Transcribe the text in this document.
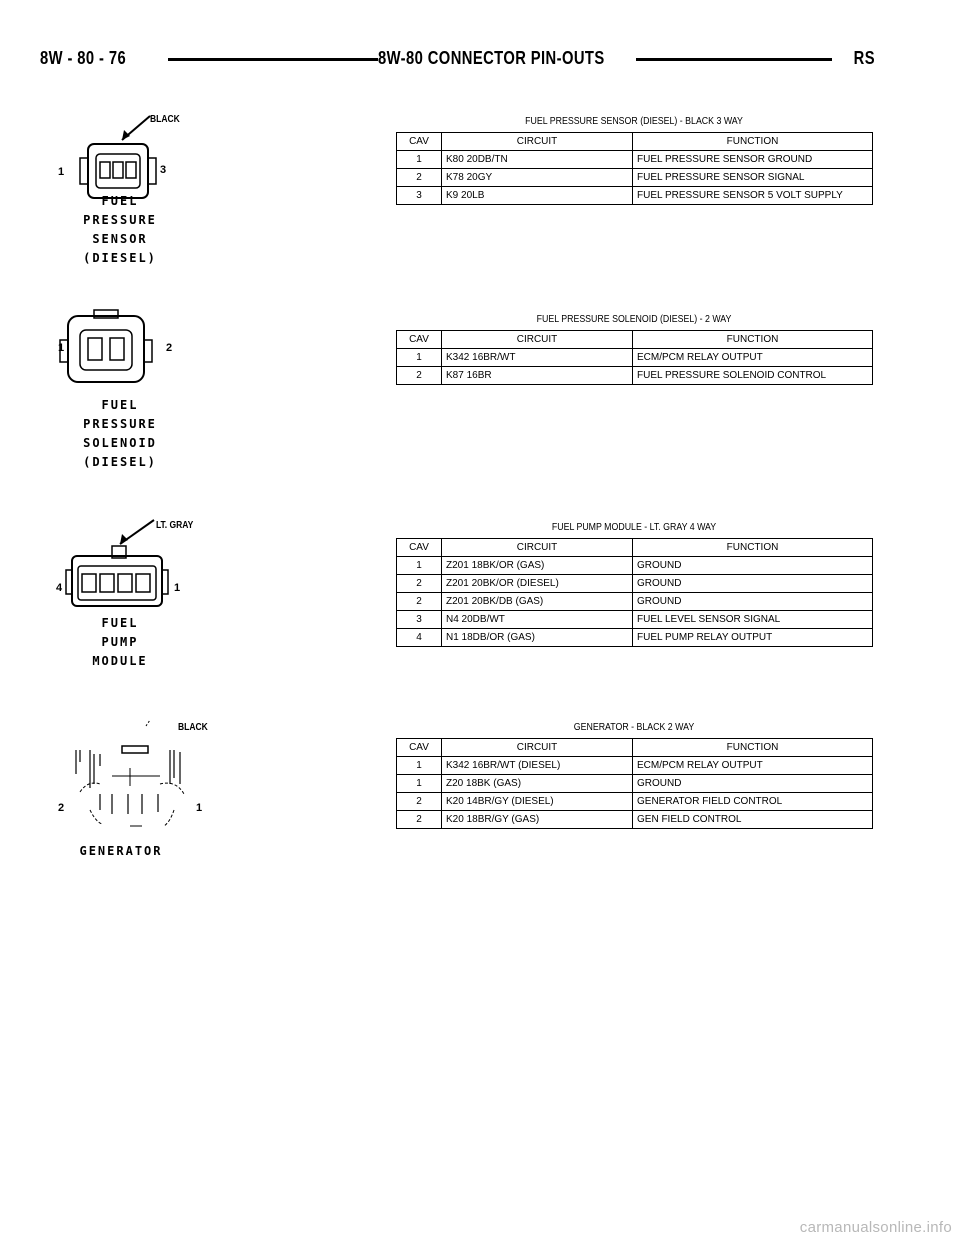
8W - 80 - 76	8W-80 CONNECTOR PIN-OUTS	RS
BLACK
1	3
FUEL
PRESSURE
SENSOR
(DIESEL)
FUEL PRESSURE SENSOR (DIESEL) - BLACK 3 WAY
CAV	CIRCUIT	FUNCTION
1	K80 20DB/TN	FUEL PRESSURE SENSOR GROUND
2	K78 20GY	FUEL PRESSURE SENSOR SIGNAL
3	K9 20LB	FUEL PRESSURE SENSOR 5 VOLT SUPPLY
1	2
FUEL
PRESSURE
SOLENOID
(DIESEL)
FUEL PRESSURE SOLENOID (DIESEL) - 2 WAY
CAV	CIRCUIT	FUNCTION
1	K342 16BR/WT	ECM/PCM RELAY OUTPUT
2	K87 16BR	FUEL PRESSURE SOLENOID CONTROL
LT. GRAY
4	1
FUEL
PUMP
MODULE
FUEL PUMP MODULE - LT. GRAY 4 WAY
CAV	CIRCUIT	FUNCTION
1	Z201 18BK/OR (GAS)	GROUND
2	Z201 20BK/OR (DIESEL)	GROUND
2	Z201 20BK/DB (GAS)	GROUND
3	N4 20DB/WT	FUEL LEVEL SENSOR SIGNAL
4	N1 18DB/OR (GAS)	FUEL PUMP RELAY OUTPUT
BLACK
2	1
GENERATOR
GENERATOR - BLACK 2 WAY
CAV	CIRCUIT	FUNCTION
1	K342 16BR/WT (DIESEL)	ECM/PCM RELAY OUTPUT
1	Z20 18BK (GAS)	GROUND
2	K20 14BR/GY (DIESEL)	GENERATOR FIELD CONTROL
2	K20 18BR/GY (GAS)	GEN FIELD CONTROL
carmanualsonline.info
